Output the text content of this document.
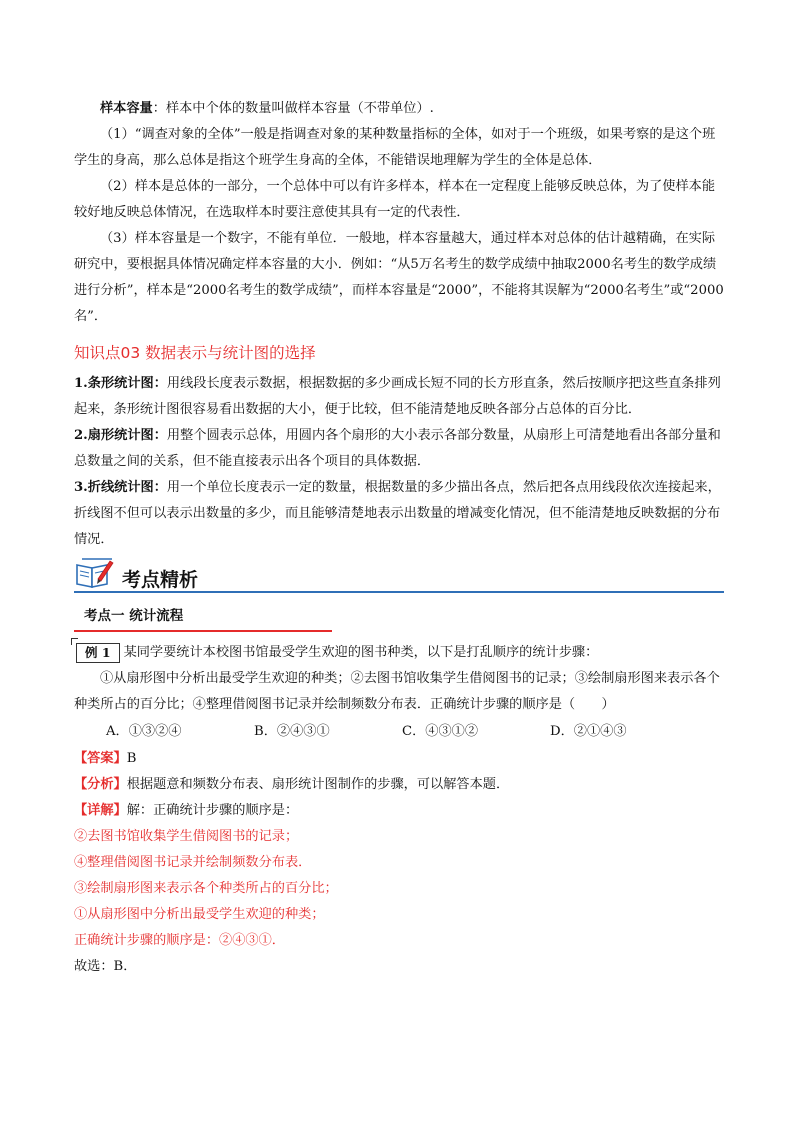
样本容量：样本中个体的数量叫做样本容量（不带单位）.

（1）“调查对象的全体”一般是指调查对象的某种数量指标的全体，如对于一个班级，如果考察的是这个班学生的身高，那么总体是指这个班学生身高的全体，不能错误地理解为学生的全体是总体．

（2）样本是总体的一部分，一个总体中可以有许多样本，样本在一定程度上能够反映总体，为了使样本能较好地反映总体情况，在选取样本时要注意使其具有一定的代表性．

（3）样本容量是一个数字，不能有单位．一般地，样本容量越大，通过样本对总体的估计越精确，在实际研究中，要根据具体情况确定样本容量的大小．例如：“从5万名考生的数学成绩中抽取2000名考生的数学成绩进行分析”，样本是“2000名考生的数学成绩”，而样本容量是“2000”，不能将其误解为“2000名考生”或“2000名”．

知识点03 数据表示与统计图的选择

1.条形统计图：用线段长度表示数据，根据数据的多少画成长短不同的长方形直条，然后按顺序把这些直条排列起来，条形统计图很容易看出数据的大小，便于比较，但不能清楚地反映各部分占总体的百分比．

2.扇形统计图：用整个圆表示总体，用圆内各个扇形的大小表示各部分数量，从扇形上可清楚地看出各部分量和总数量之间的关系，但不能直接表示出各个项目的具体数据．

3.折线统计图：用一个单位长度表示一定的数量，根据数量的多少描出各点，然后把各点用线段依次连接起来，折线图不但可以表示出数量的多少，而且能够清楚地表示出数量的增减变化情况，但不能清楚地反映数据的分布情况．

考点精析
考点一 统计流程
例 1 某同学要统计本校图书馆最受学生欢迎的图书种类，以下是打乱顺序的统计步骤：

①从扇形图中分析出最受学生欢迎的种类；②去图书馆收集学生借阅图书的记录；③绘制扇形图来表示各个种类所占的百分比；④整理借阅图书记录并绘制频数分布表．正确统计步骤的顺序是（　　）

A．①③②④	B．②④③①	C．④③①②	D．②①④③

【答案】B

【分析】根据题意和频数分布表、扇形统计图制作的步骤，可以解答本题．

【详解】解：正确统计步骤的顺序是：

②去图书馆收集学生借阅图书的记录；

④整理借阅图书记录并绘制频数分布表．

③绘制扇形图来表示各个种类所占的百分比；

①从扇形图中分析出最受学生欢迎的种类；

正确统计步骤的顺序是：②④③①．

故选：B．
